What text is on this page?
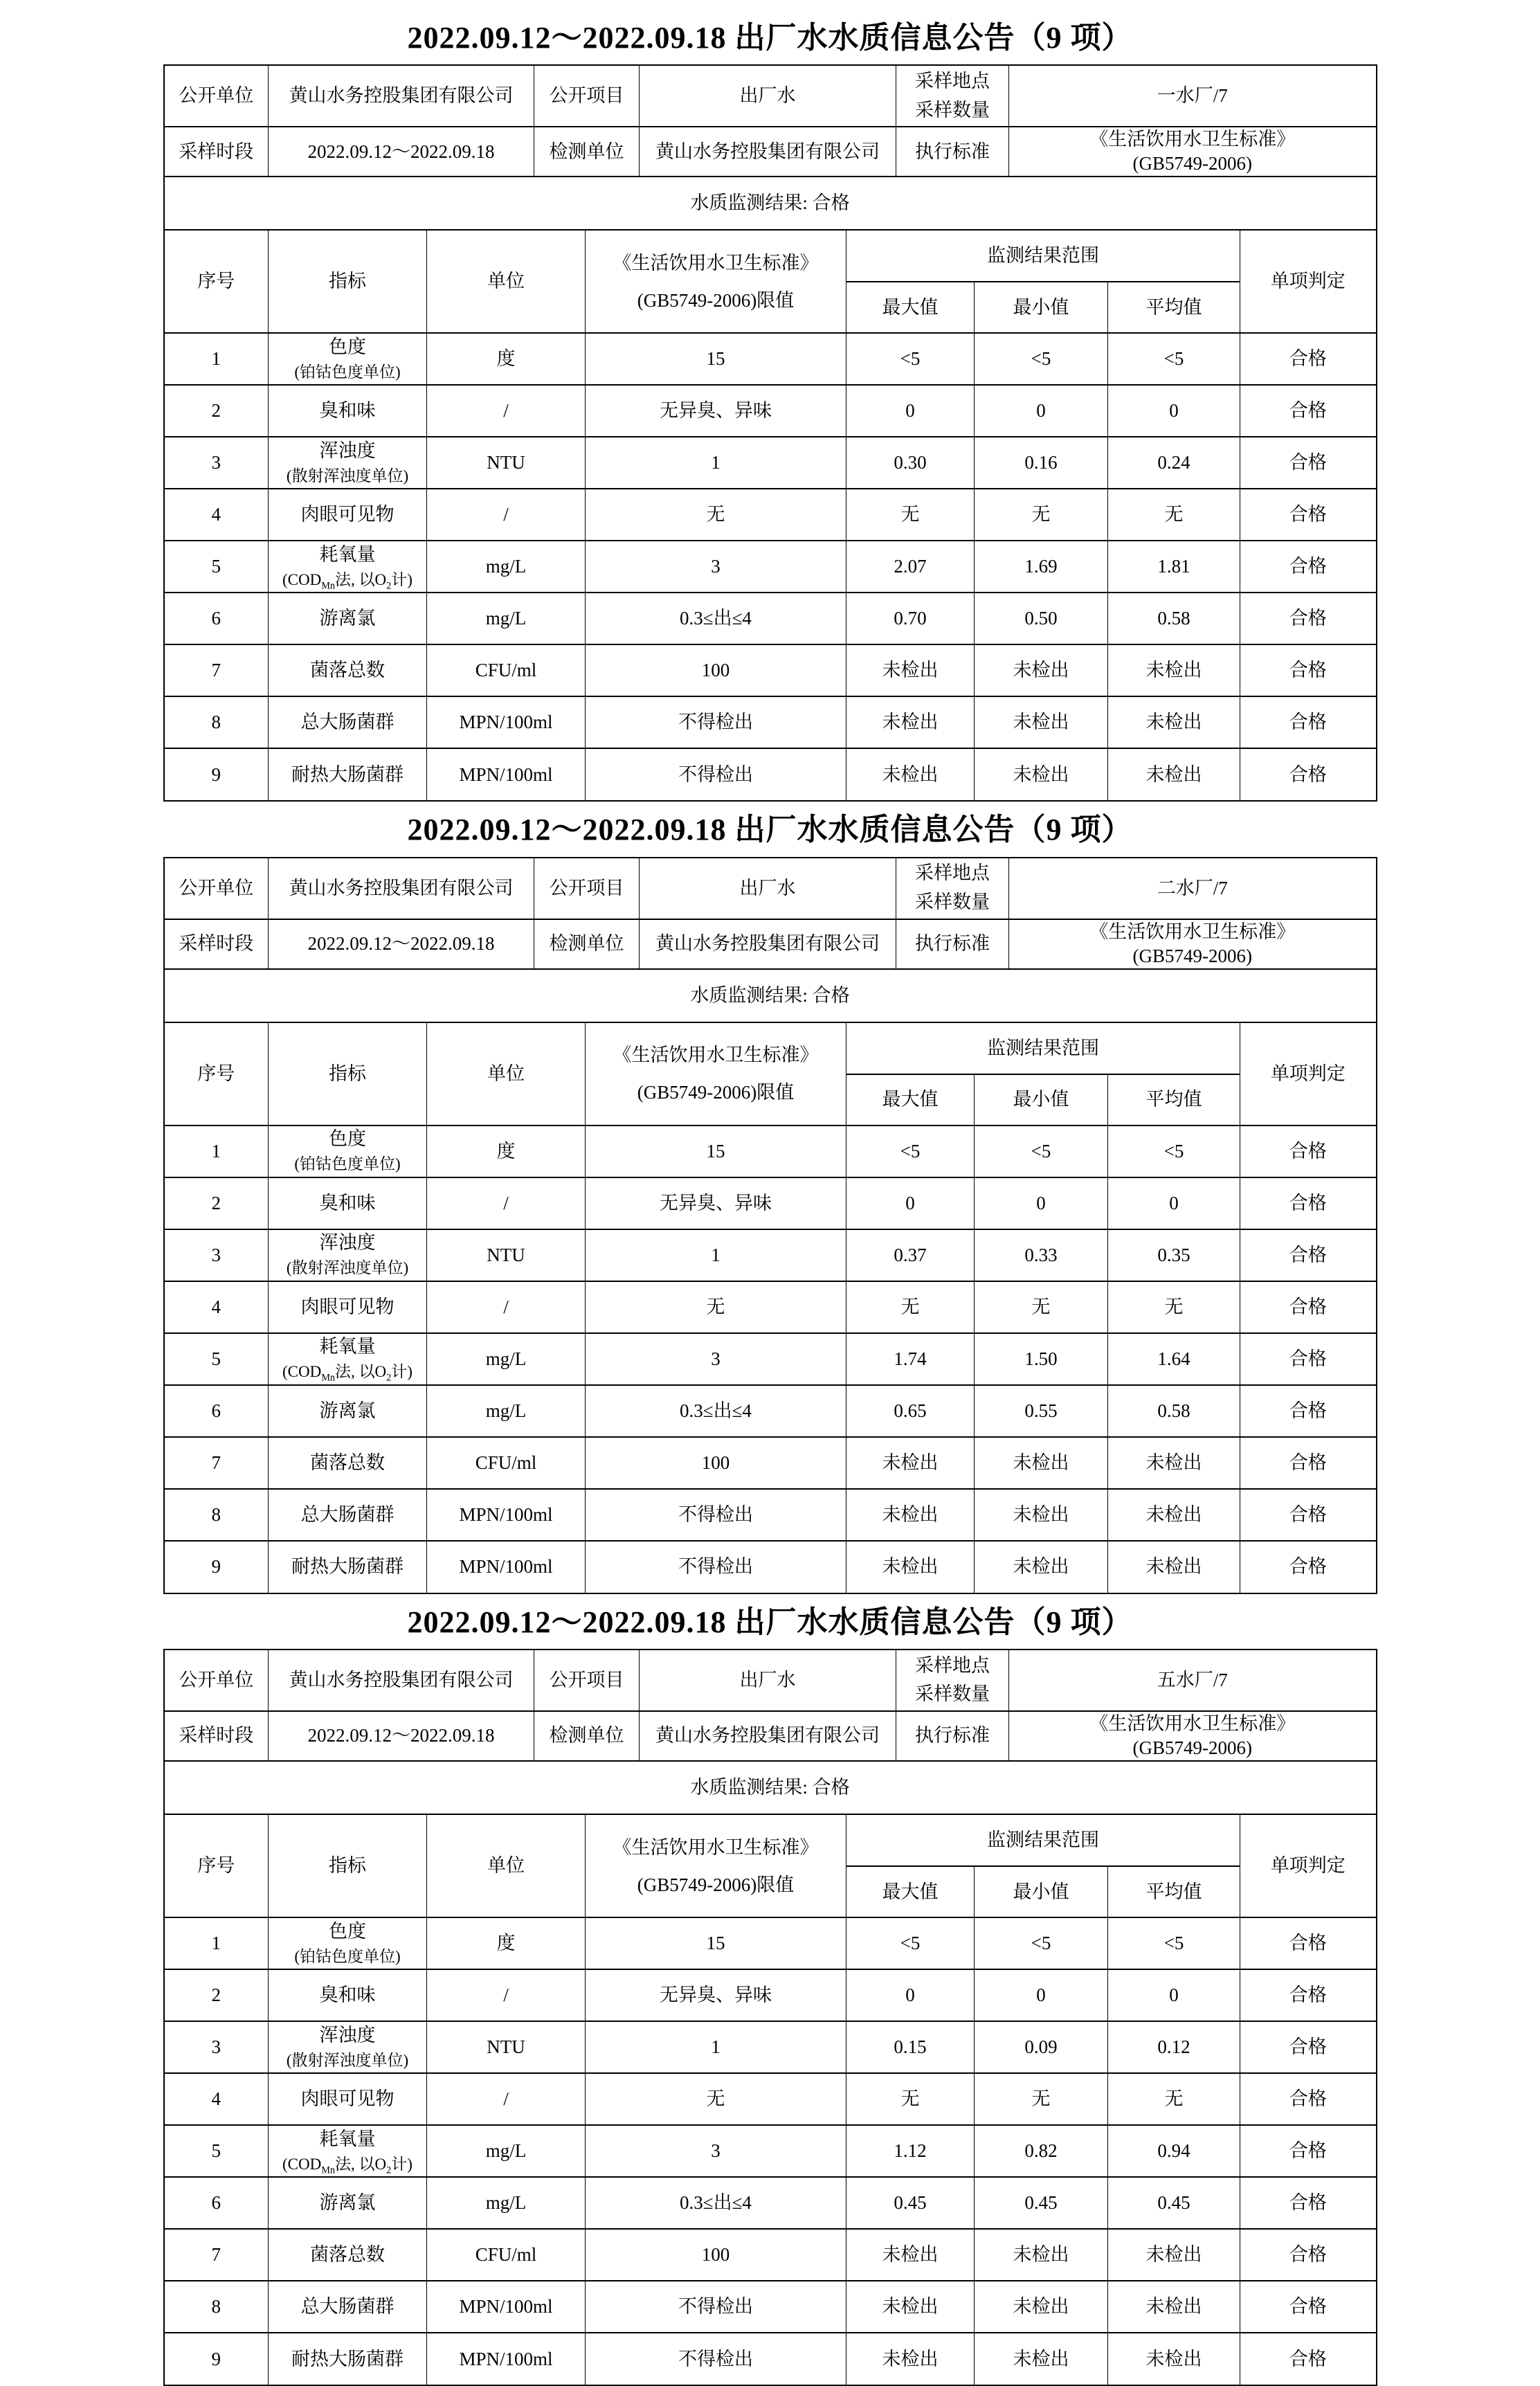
2022.09.12～2022.09.18 出厂水水质信息公告（9 项）
公开单位	黄山水务控股集团有限公司	公开项目	出厂水	采样地点
采样数量	一水厂/7
采样时段	2022.09.12～2022.09.18	检测单位	黄山水务控股集团有限公司	执行标准	《生活饮用水卫生标准》
(GB5749-2006)
水质监测结果: 合格					
序号	指标	单位	《生活饮用水卫生标准》
(GB5749-2006)限值	监测结果范围			单项判定
				最大值	最小值	平均值	
1	色度
(铂钴色度单位)	度	15	<5	<5	<5	合格
2	臭和味	/	无异臭、异味	0	0	0	合格
3	浑浊度
(散射浑浊度单位)	NTU	1	0.30	0.16	0.24	合格
4	肉眼可见物	/	无	无	无	无	合格
5	耗氧量
($COD_{Mn}$法, 以$O_2$计)	mg/L	3	2.07	1.69	1.81	合格
6	游离氯	mg/L	0.3≤出≤4	0.70	0.50	0.58	合格
7	菌落总数	CFU/ml	100	未检出	未检出	未检出	合格
8	总大肠菌群	MPN/100ml	不得检出	未检出	未检出	未检出	合格
9	耐热大肠菌群	MPN/100ml	不得检出	未检出	未检出	未检出	合格
2022.09.12～2022.09.18 出厂水水质信息公告（9 项）
公开单位	黄山水务控股集团有限公司	公开项目	出厂水	采样地点
采样数量	二水厂/7
采样时段	2022.09.12～2022.09.18	检测单位	黄山水务控股集团有限公司	执行标准	《生活饮用水卫生标准》
(GB5749-2006)
水质监测结果: 合格					
序号	指标	单位	《生活饮用水卫生标准》
(GB5749-2006)限值	监测结果范围			单项判定
				最大值	最小值	平均值	
1	色度
(铂钴色度单位)	度	15	<5	<5	<5	合格
2	臭和味	/	无异臭、异味	0	0	0	合格
3	浑浊度
(散射浑浊度单位)	NTU	1	0.37	0.33	0.35	合格
4	肉眼可见物	/	无	无	无	无	合格
5	耗氧量
($COD_{Mn}$法, 以$O_2$计)	mg/L	3	1.74	1.50	1.64	合格
6	游离氯	mg/L	0.3≤出≤4	0.65	0.55	0.58	合格
7	菌落总数	CFU/ml	100	未检出	未检出	未检出	合格
8	总大肠菌群	MPN/100ml	不得检出	未检出	未检出	未检出	合格
9	耐热大肠菌群	MPN/100ml	不得检出	未检出	未检出	未检出	合格
2022.09.12～2022.09.18 出厂水水质信息公告（9 项）
公开单位	黄山水务控股集团有限公司	公开项目	出厂水	采样地点
采样数量	五水厂/7
采样时段	2022.09.12～2022.09.18	检测单位	黄山水务控股集团有限公司	执行标准	《生活饮用水卫生标准》
(GB5749-2006)
水质监测结果: 合格					
序号	指标	单位	《生活饮用水卫生标准》
(GB5749-2006)限值	监测结果范围			单项判定
				最大值	最小值	平均值	
1	色度
(铂钴色度单位)	度	15	<5	<5	<5	合格
2	臭和味	/	无异臭、异味	0	0	0	合格
3	浑浊度
(散射浑浊度单位)	NTU	1	0.15	0.09	0.12	合格
4	肉眼可见物	/	无	无	无	无	合格
5	耗氧量
($COD_{Mn}$法, 以$O_2$计)	mg/L	3	1.12	0.82	0.94	合格
6	游离氯	mg/L	0.3≤出≤4	0.45	0.45	0.45	合格
7	菌落总数	CFU/ml	100	未检出	未检出	未检出	合格
8	总大肠菌群	MPN/100ml	不得检出	未检出	未检出	未检出	合格
9	耐热大肠菌群	MPN/100ml	不得检出	未检出	未检出	未检出	合格
